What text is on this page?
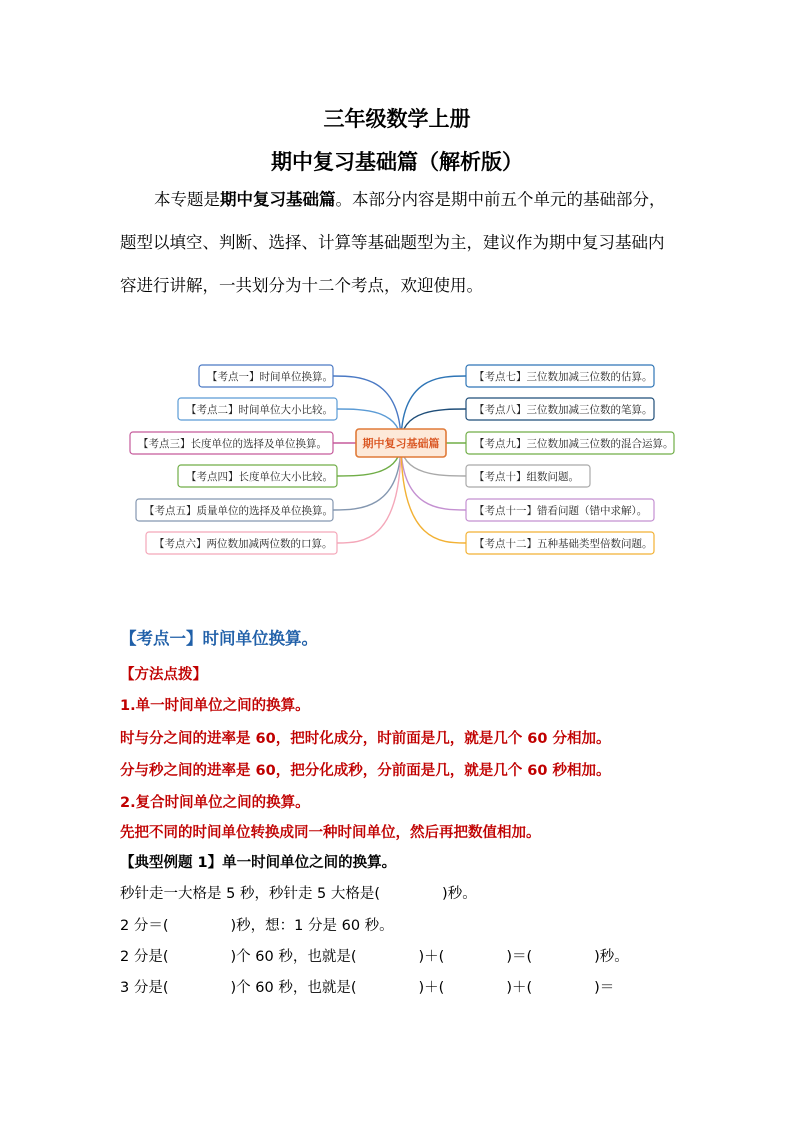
三年级数学上册
期中复习基础篇（解析版）
本专题是期中复习基础篇。本部分内容是期中前五个单元的基础部分，题型以填空、判断、选择、计算等基础题型为主，建议作为期中复习基础内容进行讲解，一共划分为十二个考点，欢迎使用。
【考点一】时间单位换算。
【考点二】时间单位大小比较。
【考点三】长度单位的选择及单位换算。
【考点四】长度单位大小比较。
【考点五】质量单位的选择及单位换算。
【考点六】两位数加减两位数的口算。
【考点七】三位数加减三位数的估算。
【考点八】三位数加减三位数的笔算。
【考点九】三位数加减三位数的混合运算。
【考点十】组数问题。
【考点十一】错看问题（错中求解）。
【考点十二】五种基础类型倍数问题。
期中复习基础篇
【考点一】时间单位换算。
【方法点拨】
1.单一时间单位之间的换算。
时与分之间的进率是 60，把时化成分，时前面是几，就是几个 60 分相加。
分与秒之间的进率是 60，把分化成秒，分前面是几，就是几个 60 秒相加。
2.复合时间单位之间的换算。
先把不同的时间单位转换成同一种时间单位，然后再把数值相加。
【典型例题 1】单一时间单位之间的换算。
秒针走一大格是 5 秒，秒针走 5 大格是(	)秒。
2 分＝(	)秒，想：1 分是 60 秒。
2 分是(	)个 60 秒，也就是(	)＋(	)＝(	)秒。
3 分是(	)个 60 秒，也就是(	)＋(	)＋(	)＝
